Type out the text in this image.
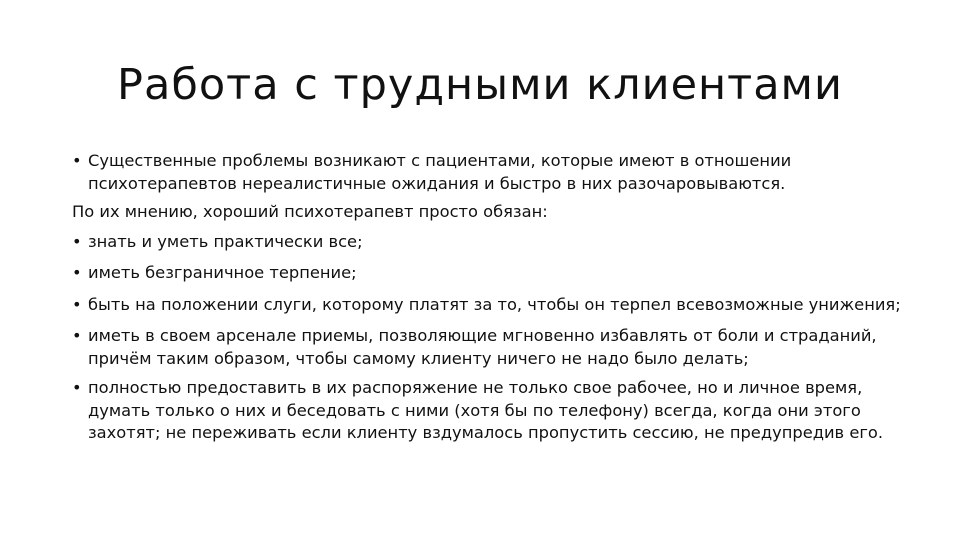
Работа с трудными клиентами
• Существенные проблемы возникают с пациентами, которые имеют в отношении психотерапевтов нереалистичные ожидания и быстро в них разочаровываются.
По их мнению, хороший психотерапевт просто обязан:
• знать и уметь практически все;
• иметь безграничное терпение;
• быть на положении слуги, которому платят за то, чтобы он терпел всевозможные унижения;
• иметь в своем арсенале приемы, позволяющие мгновенно избавлять от боли и страданий, причём таким образом, чтобы самому клиенту ничего не надо было делать;
• полностью предоставить в их распоряжение не только свое рабочее, но и личное время, думать только о них и беседовать с ними (хотя бы по телефону) всегда, когда они этого захотят; не переживать если клиенту вздумалось пропустить сессию, не предупредив его.
